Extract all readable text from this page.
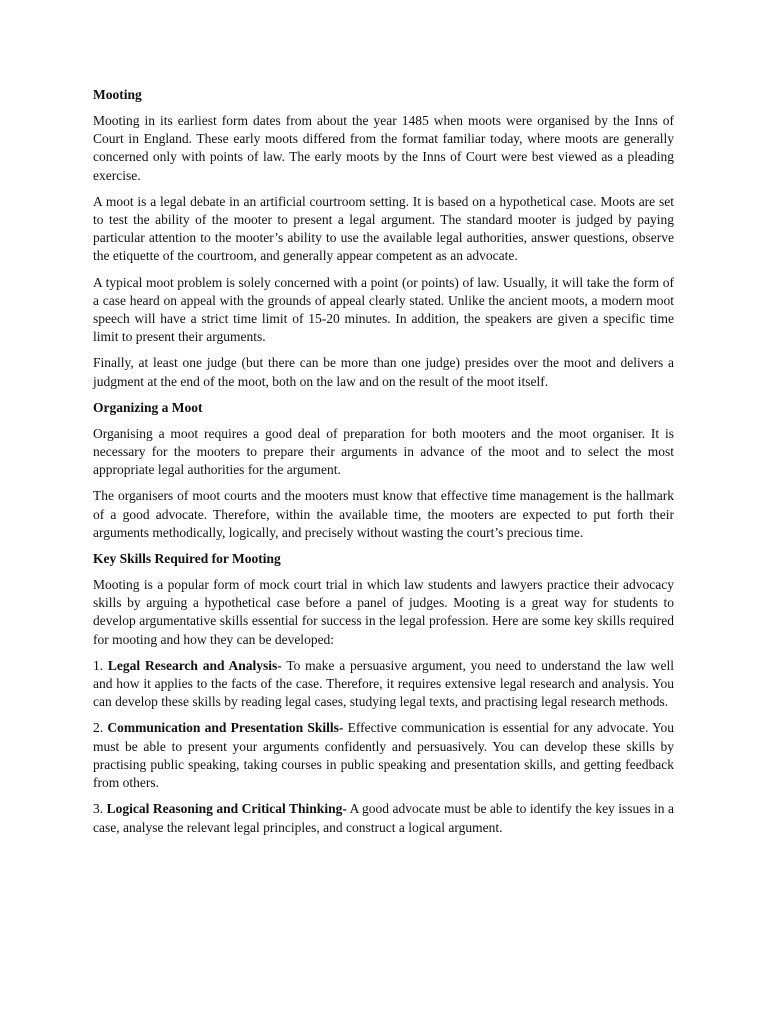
Mooting

Mooting in its earliest form dates from about the year 1485 when moots were organised by the Inns of Court in England. These early moots differed from the format familiar today, where moots are generally concerned only with points of law. The early moots by the Inns of Court were best viewed as a pleading exercise.

A moot is a legal debate in an artificial courtroom setting. It is based on a hypothetical case. Moots are set to test the ability of the mooter to present a legal argument. The standard mooter is judged by paying particular attention to the mooter’s ability to use the available legal authorities, answer questions, observe the etiquette of the courtroom, and generally appear competent as an advocate.

A typical moot problem is solely concerned with a point (or points) of law. Usually, it will take the form of a case heard on appeal with the grounds of appeal clearly stated. Unlike the ancient moots, a modern moot speech will have a strict time limit of 15-20 minutes. In addition, the speakers are given a specific time limit to present their arguments.

Finally, at least one judge (but there can be more than one judge) presides over the moot and delivers a judgment at the end of the moot, both on the law and on the result of the moot itself.

Organizing a Moot

Organising a moot requires a good deal of preparation for both mooters and the moot organiser. It is necessary for the mooters to prepare their arguments in advance of the moot and to select the most appropriate legal authorities for the argument.

The organisers of moot courts and the mooters must know that effective time management is the hallmark of a good advocate. Therefore, within the available time, the mooters are expected to put forth their arguments methodically, logically, and precisely without wasting the court’s precious time.

Key Skills Required for Mooting

Mooting is a popular form of mock court trial in which law students and lawyers practice their advocacy skills by arguing a hypothetical case before a panel of judges. Mooting is a great way for students to develop argumentative skills essential for success in the legal profession. Here are some key skills required for mooting and how they can be developed:

1. Legal Research and Analysis- To make a persuasive argument, you need to understand the law well and how it applies to the facts of the case. Therefore, it requires extensive legal research and analysis. You can develop these skills by reading legal cases, studying legal texts, and practising legal research methods.

2. Communication and Presentation Skills- Effective communication is essential for any advocate. You must be able to present your arguments confidently and persuasively. You can develop these skills by practising public speaking, taking courses in public speaking and presentation skills, and getting feedback from others.

3. Logical Reasoning and Critical Thinking- A good advocate must be able to identify the key issues in a case, analyse the relevant legal principles, and construct a logical argument.
